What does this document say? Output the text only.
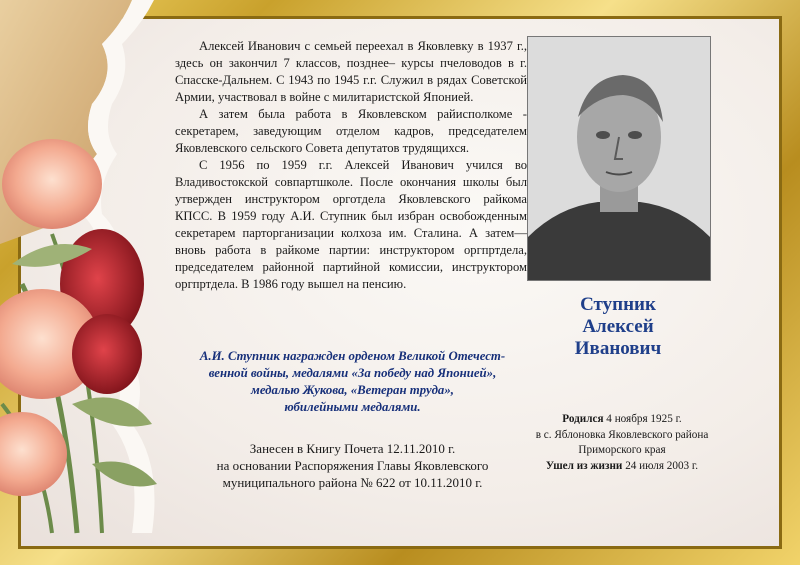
Алексей Иванович с семьей переехал в Яковлевку в 1937 г., здесь он закончил 7 классов, позднее– курсы пчеловодов в г. Спасске-Дальнем. С 1943 по 1945 г.г. Служил в рядах Советской Армии, участвовал в войне с милитаристской Японией.

А затем была работа в Яковлевском райисполкоме - секретарем, заведующим отделом кадров, председателем Яковлевского сельского Совета депутатов трудящихся.

С 1956 по 1959 г.г. Алексей Иванович учился во Владивостокской совпартшколе. После окончания школы был утвержден инструктором орготдела Яковлевского райкома КПСС. В 1959 году А.И. Ступник был избран освобожденным секретарем парторганизации колхоза им. Сталина. А затем—вновь работа в райкоме партии: инструктором оргпртдела, председателем районной партийной комиссии, инструктором оргпртдела. В 1986 году вышел на пенсию.

А.И. Ступник награжден орденом Великой Отечест-
венной войны, медалями «За победу над Японией»,
медалью Жукова, «Ветеран труда»,
юбилейными медалями.
Занесен в Книгу Почета 12.11.2010 г.
на основании Распоряжения Главы Яковлевского
муниципального района № 622 от 10.11.2010 г.
Ступник
Алексей
Иванович
Родился 4 ноября 1925 г.
в с. Яблоновка Яковлевского района
Приморского края
Ушел из жизни 24 июля 2003 г.
